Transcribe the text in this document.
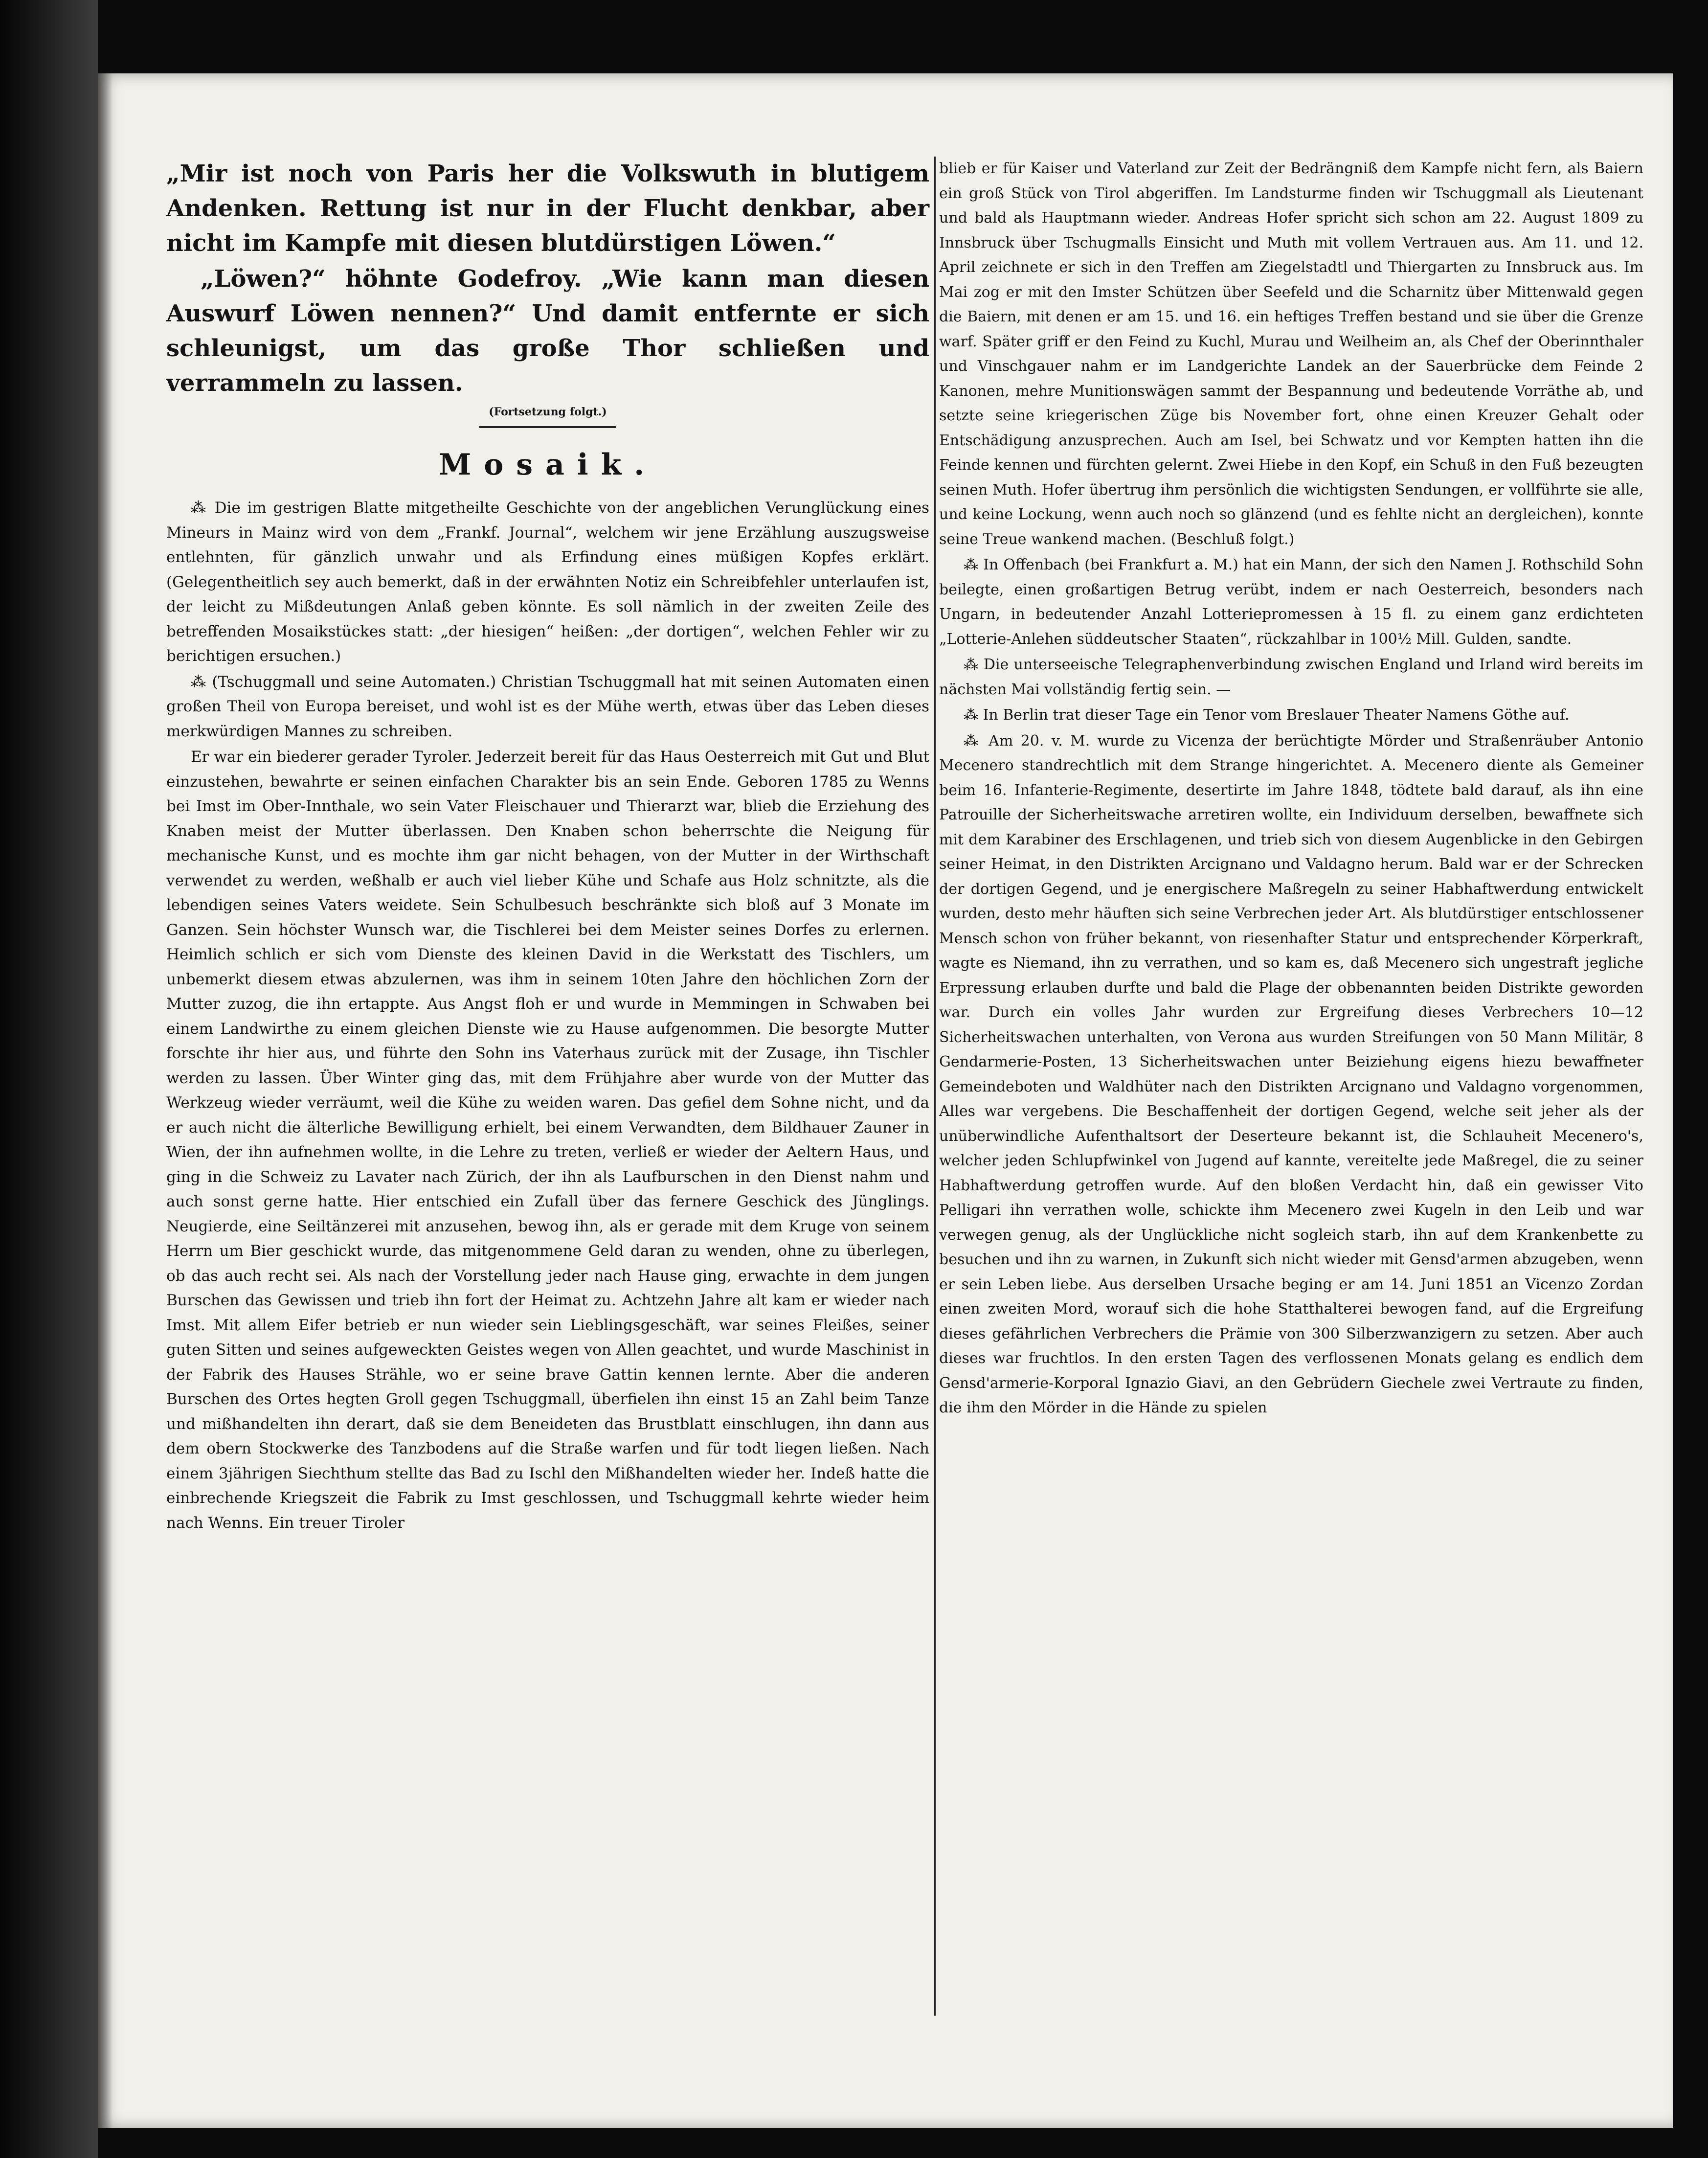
„Mir ist noch von Paris her die Volkswuth in blutigem Andenken. Rettung ist nur in der Flucht denkbar, aber nicht im Kampfe mit diesen blutdürstigen Löwen.“

„Löwen?“ höhnte Godefroy. „Wie kann man diesen Auswurf Löwen nennen?“ Und damit entfernte er sich schleunigst, um das große Thor schließen und verrammeln zu lassen.

(Fortsetzung folgt.)
Mosaik.

⁂ Die im gestrigen Blatte mitgetheilte Geschichte von der angeblichen Verunglückung eines Mineurs in Mainz wird von dem „Frankf. Journal“, welchem wir jene Erzählung auszugsweise entlehnten, für gänzlich unwahr und als Erfindung eines müßigen Kopfes erklärt. (Gelegentheitlich sey auch bemerkt, daß in der erwähnten Notiz ein Schreibfehler unterlaufen ist, der leicht zu Mißdeutungen Anlaß geben könnte. Es soll nämlich in der zweiten Zeile des betreffenden Mosaikstückes statt: „der hiesigen“ heißen: „der dortigen“, welchen Fehler wir zu berichtigen ersuchen.)

⁂ (Tschuggmall und seine Automaten.) Christian Tschuggmall hat mit seinen Automaten einen großen Theil von Europa bereiset, und wohl ist es der Mühe werth, etwas über das Leben dieses merkwürdigen Mannes zu schreiben.

Er war ein biederer gerader Tyroler. Jederzeit bereit für das Haus Oesterreich mit Gut und Blut einzustehen, bewahrte er seinen einfachen Charakter bis an sein Ende. Geboren 1785 zu Wenns bei Imst im Ober-Innthale, wo sein Vater Fleischauer und Thierarzt war, blieb die Erziehung des Knaben meist der Mutter überlassen. Den Knaben schon beherrschte die Neigung für mechanische Kunst, und es mochte ihm gar nicht behagen, von der Mutter in der Wirthschaft verwendet zu werden, weßhalb er auch viel lieber Kühe und Schafe aus Holz schnitzte, als die lebendigen seines Vaters weidete. Sein Schulbesuch beschränkte sich bloß auf 3 Monate im Ganzen. Sein höchster Wunsch war, die Tischlerei bei dem Meister seines Dorfes zu erlernen. Heimlich schlich er sich vom Dienste des kleinen David in die Werkstatt des Tischlers, um unbemerkt diesem etwas abzulernen, was ihm in seinem 10ten Jahre den höchlichen Zorn der Mutter zuzog, die ihn ertappte. Aus Angst floh er und wurde in Memmingen in Schwaben bei einem Landwirthe zu einem gleichen Dienste wie zu Hause aufgenommen. Die besorgte Mutter forschte ihr hier aus, und führte den Sohn ins Vaterhaus zurück mit der Zusage, ihn Tischler werden zu lassen. Über Winter ging das, mit dem Frühjahre aber wurde von der Mutter das Werkzeug wieder verräumt, weil die Kühe zu weiden waren. Das gefiel dem Sohne nicht, und da er auch nicht die älterliche Bewilligung erhielt, bei einem Verwandten, dem Bildhauer Zauner in Wien, der ihn aufnehmen wollte, in die Lehre zu treten, verließ er wieder der Aeltern Haus, und ging in die Schweiz zu Lavater nach Zürich, der ihn als Laufburschen in den Dienst nahm und auch sonst gerne hatte. Hier entschied ein Zufall über das fernere Geschick des Jünglings. Neugierde, eine Seiltänzerei mit anzusehen, bewog ihn, als er gerade mit dem Kruge von seinem Herrn um Bier geschickt wurde, das mitgenommene Geld daran zu wenden, ohne zu überlegen, ob das auch recht sei. Als nach der Vorstellung jeder nach Hause ging, erwachte in dem jungen Burschen das Gewissen und trieb ihn fort der Heimat zu. Achtzehn Jahre alt kam er wieder nach Imst. Mit allem Eifer betrieb er nun wieder sein Lieblingsgeschäft, war seines Fleißes, seiner guten Sitten und seines aufgeweckten Geistes wegen von Allen geachtet, und wurde Maschinist in der Fabrik des Hauses Strähle, wo er seine brave Gattin kennen lernte. Aber die anderen Burschen des Ortes hegten Groll gegen Tschuggmall, überfielen ihn einst 15 an Zahl beim Tanze und mißhandelten ihn derart, daß sie dem Beneideten das Brustblatt einschlugen, ihn dann aus dem obern Stockwerke des Tanzbodens auf die Straße warfen und für todt liegen ließen. Nach einem 3jährigen Siechthum stellte das Bad zu Ischl den Mißhandelten wieder her. Indeß hatte die einbrechende Kriegszeit die Fabrik zu Imst geschlossen, und Tschuggmall kehrte wieder heim nach Wenns. Ein treuer Tiroler

blieb er für Kaiser und Vaterland zur Zeit der Bedrängniß dem Kampfe nicht fern, als Baiern ein groß Stück von Tirol abgeriffen. Im Landsturme finden wir Tschuggmall als Lieutenant und bald als Hauptmann wieder. Andreas Hofer spricht sich schon am 22. August 1809 zu Innsbruck über Tschugmalls Einsicht und Muth mit vollem Vertrauen aus. Am 11. und 12. April zeichnete er sich in den Treffen am Ziegelstadtl und Thiergarten zu Innsbruck aus. Im Mai zog er mit den Imster Schützen über Seefeld und die Scharnitz über Mittenwald gegen die Baiern, mit denen er am 15. und 16. ein heftiges Treffen bestand und sie über die Grenze warf. Später griff er den Feind zu Kuchl, Murau und Weilheim an, als Chef der Oberinnthaler und Vinschgauer nahm er im Landgerichte Landek an der Sauerbrücke dem Feinde 2 Kanonen, mehre Munitionswägen sammt der Bespannung und bedeutende Vorräthe ab, und setzte seine kriegerischen Züge bis November fort, ohne einen Kreuzer Gehalt oder Entschädigung anzusprechen. Auch am Isel, bei Schwatz und vor Kempten hatten ihn die Feinde kennen und fürchten gelernt. Zwei Hiebe in den Kopf, ein Schuß in den Fuß bezeugten seinen Muth. Hofer übertrug ihm persönlich die wichtigsten Sendungen, er vollführte sie alle, und keine Lockung, wenn auch noch so glänzend (und es fehlte nicht an dergleichen), konnte seine Treue wankend machen. (Beschluß folgt.)

⁂ In Offenbach (bei Frankfurt a. M.) hat ein Mann, der sich den Namen J. Rothschild Sohn beilegte, einen großartigen Betrug verübt, indem er nach Oesterreich, besonders nach Ungarn, in bedeutender Anzahl Lotteriepromessen à 15 fl. zu einem ganz erdichteten „Lotterie-Anlehen süddeutscher Staaten“, rückzahlbar in 100½ Mill. Gulden, sandte.

⁂ Die unterseeische Telegraphenverbindung zwischen England und Irland wird bereits im nächsten Mai vollständig fertig sein. —

⁂ In Berlin trat dieser Tage ein Tenor vom Breslauer Theater Namens Göthe auf.

⁂ Am 20. v. M. wurde zu Vicenza der berüchtigte Mörder und Straßenräuber Antonio Mecenero standrechtlich mit dem Strange hingerichtet. A. Mecenero diente als Gemeiner beim 16. Infanterie-Regimente, desertirte im Jahre 1848, tödtete bald darauf, als ihn eine Patrouille der Sicherheitswache arretiren wollte, ein Individuum derselben, bewaffnete sich mit dem Karabiner des Erschlagenen, und trieb sich von diesem Augenblicke in den Gebirgen seiner Heimat, in den Distrikten Arcignano und Valdagno herum. Bald war er der Schrecken der dortigen Gegend, und je energischere Maßregeln zu seiner Habhaftwerdung entwickelt wurden, desto mehr häuften sich seine Verbrechen jeder Art. Als blutdürstiger entschlossener Mensch schon von früher bekannt, von riesenhafter Statur und entsprechender Körperkraft, wagte es Niemand, ihn zu verrathen, und so kam es, daß Mecenero sich ungestraft jegliche Erpressung erlauben durfte und bald die Plage der obbenannten beiden Distrikte geworden war. Durch ein volles Jahr wurden zur Ergreifung dieses Verbrechers 10—12 Sicherheitswachen unterhalten, von Verona aus wurden Streifungen von 50 Mann Militär, 8 Gendarmerie-Posten, 13 Sicherheitswachen unter Beiziehung eigens hiezu bewaffneter Gemeindeboten und Waldhüter nach den Distrikten Arcignano und Valdagno vorgenommen, Alles war vergebens. Die Beschaffenheit der dortigen Gegend, welche seit jeher als der unüberwindliche Aufenthaltsort der Deserteure bekannt ist, die Schlauheit Mecenero's, welcher jeden Schlupfwinkel von Jugend auf kannte, vereitelte jede Maßregel, die zu seiner Habhaftwerdung getroffen wurde. Auf den bloßen Verdacht hin, daß ein gewisser Vito Pelligari ihn verrathen wolle, schickte ihm Mecenero zwei Kugeln in den Leib und war verwegen genug, als der Unglückliche nicht sogleich starb, ihn auf dem Krankenbette zu besuchen und ihn zu warnen, in Zukunft sich nicht wieder mit Gensd'armen abzugeben, wenn er sein Leben liebe. Aus derselben Ursache beging er am 14. Juni 1851 an Vicenzo Zordan einen zweiten Mord, worauf sich die hohe Statthalterei bewogen fand, auf die Ergreifung dieses gefährlichen Verbrechers die Prämie von 300 Silberzwanzigern zu setzen. Aber auch dieses war fruchtlos. In den ersten Tagen des verflossenen Monats gelang es endlich dem Gensd'armerie-Korporal Ignazio Giavi, an den Gebrüdern Giechele zwei Vertraute zu finden, die ihm den Mörder in die Hände zu spielen
